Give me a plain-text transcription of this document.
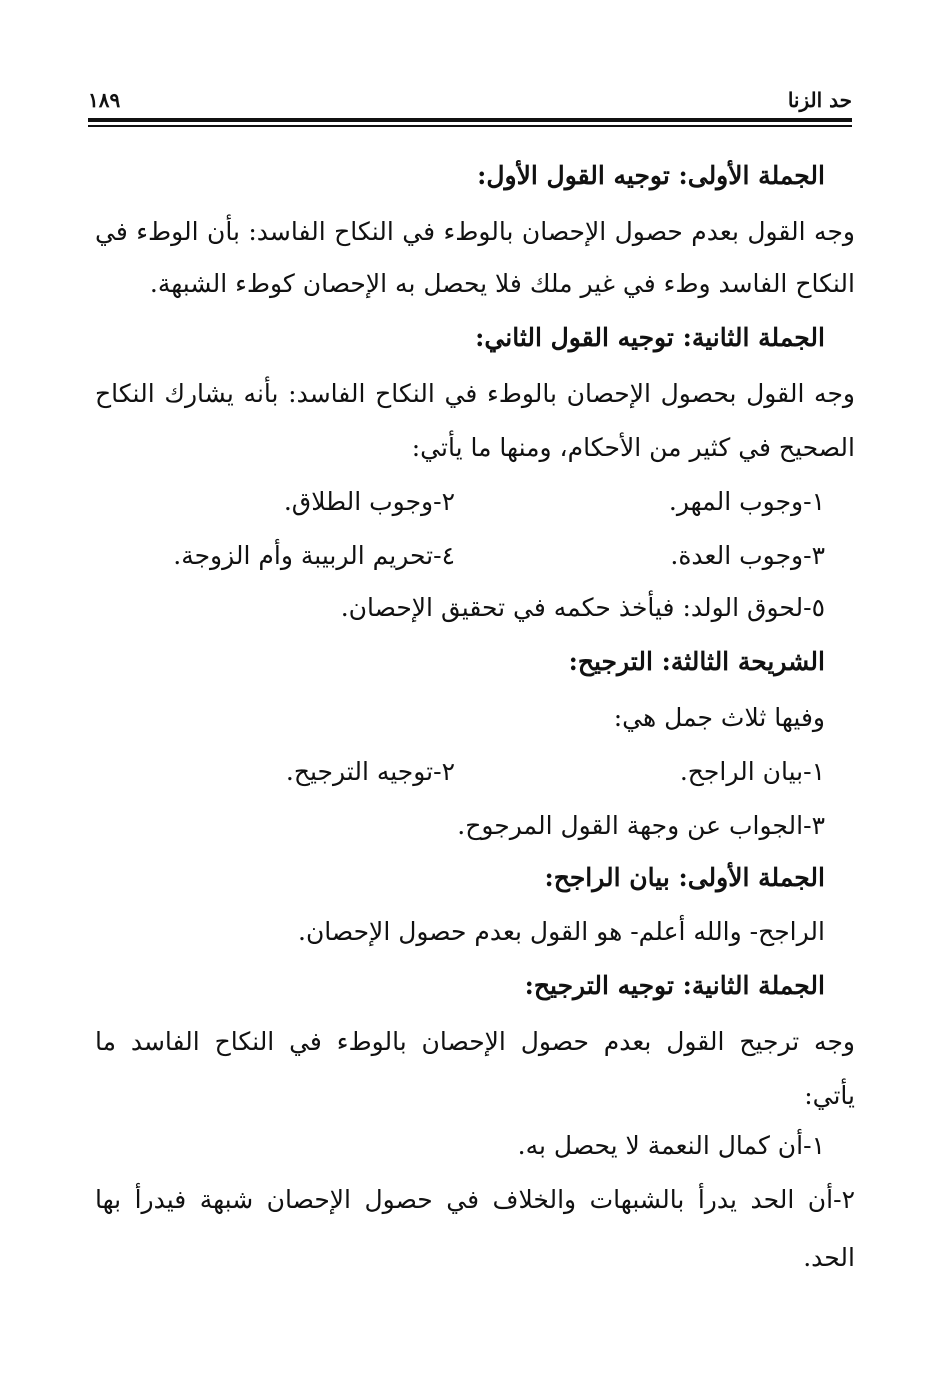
حد الزنا
١٨٩
الجملة الأولى: توجيه القول الأول:
وجه القول بعدم حصول الإحصان بالوطء في النكاح الفاسد: بأن الوطء في
النكاح الفاسد وطء في غير ملك فلا يحصل به الإحصان كوطء الشبهة.
الجملة الثانية: توجيه القول الثاني:
وجه القول بحصول الإحصان بالوطء في النكاح الفاسد: بأنه يشارك النكاح
الصحيح في كثير من الأحكام، ومنها ما يأتي:
١-وجوب المهر.
٢-وجوب الطلاق.
٣-وجوب العدة.
٤-تحريم الربيبة وأم الزوجة.
٥-لحوق الولد: فيأخذ حكمه في تحقيق الإحصان.
الشريحة الثالثة: الترجيح:
وفيها ثلاث جمل هي:
١-بيان الراجح.
٢-توجيه الترجيح.
٣-الجواب عن وجهة القول المرجوح.
الجملة الأولى: بيان الراجح:
الراجح- والله أعلم- هو القول بعدم حصول الإحصان.
الجملة الثانية: توجيه الترجيح:
وجه ترجيح القول بعدم حصول الإحصان بالوطء في النكاح الفاسد ما
يأتي:
١-أن كمال النعمة لا يحصل به.
٢-أن الحد يدرأ بالشبهات والخلاف في حصول الإحصان شبهة فيدرأ بها
الحد.
